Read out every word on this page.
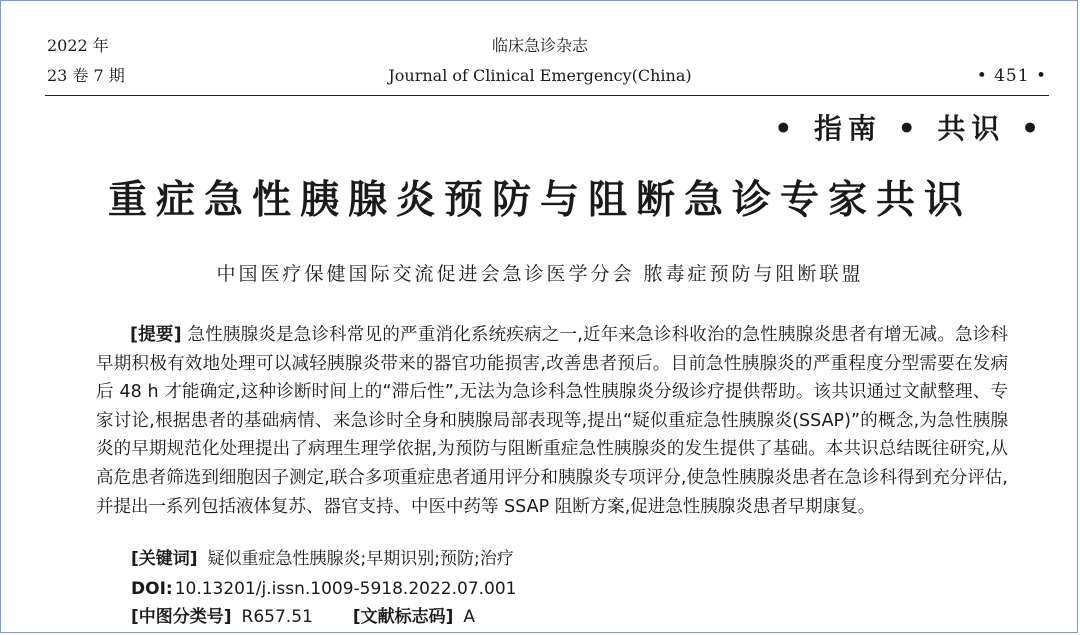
2022 年
23 卷 7 期
临床急诊杂志
Journal of Clinical Emergency(China)	• 451 •
• 指南 • 共识 •
重症急性胰腺炎预防与阻断急诊专家共识
中国医疗保健国际交流促进会急诊医学分会 脓毒症预防与阻断联盟
[提要] 急性胰腺炎是急诊科常见的严重消化系统疾病之一,近年来急诊科收治的急性胰腺炎患者有增无减。急诊科早期积极有效地处理可以减轻胰腺炎带来的器官功能损害,改善患者预后。目前急性胰腺炎的严重程度分型需要在发病后 48 h 才能确定,这种诊断时间上的“滞后性”,无法为急诊科急性胰腺炎分级诊疗提供帮助。该共识通过文献整理、专家讨论,根据患者的基础病情、来急诊时全身和胰腺局部表现等,提出“疑似重症急性胰腺炎(SSAP)”的概念,为急性胰腺炎的早期规范化处理提出了病理生理学依据,为预防与阻断重症急性胰腺炎的发生提供了基础。本共识总结既往研究,从高危患者筛选到细胞因子测定,联合多项重症患者通用评分和胰腺炎专项评分,使急性胰腺炎患者在急诊科得到充分评估,并提出一系列包括液体复苏、器官支持、中医中药等 SSAP 阻断方案,促进急性胰腺炎患者早期康复。
[关键词] 疑似重症急性胰腺炎;早期识别;预防;治疗
DOI: 10.13201/j.issn.1009-5918.2022.07.001
[中图分类号] R657.51 [文献标志码] A
